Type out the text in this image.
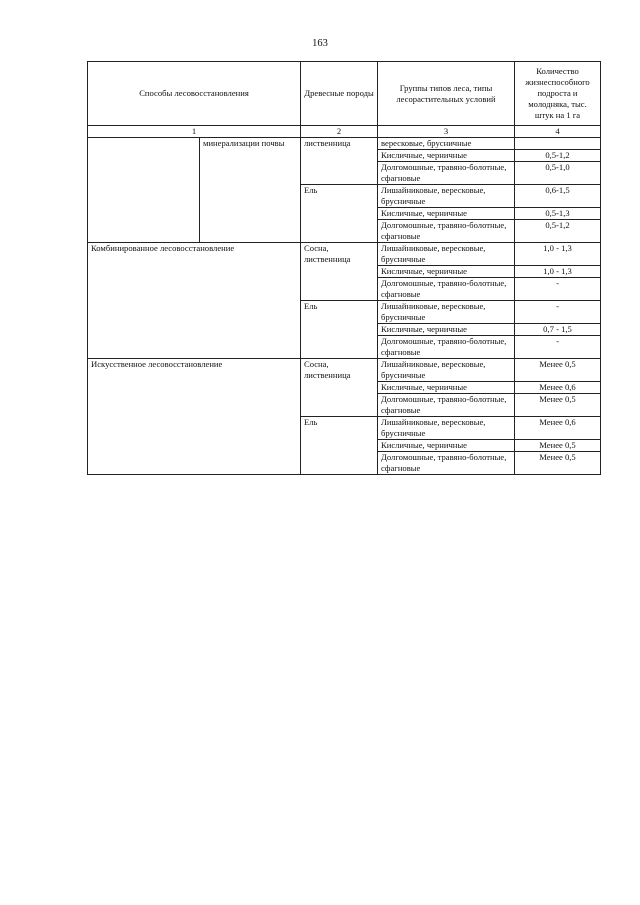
163
Способы лесовосстановления		Древесные породы	Группы типов леса, типы лесорастительных условий	Количество жизнеспособного подроста и молодняка, тыс. штук на 1 га
1		2	3	4
	минерализации почвы	лиственница	вересковые, брусничные	
			Кисличные, черничные	0,5-1,2
			Долгомошные, травяно-болотные, сфагновые	0,5-1,0
		Ель	Лишайниковые, вересковые, брусничные	0,6-1,5
			Кисличные, черничные	0,5-1,3
			Долгомошные, травяно-болотные, сфагновые	0,5-1,2
Комбинированное лесовосстановление		Сосна, лиственница	Лишайниковые, вересковые, брусничные	1,0 - 1,3
			Кисличные, черничные	1,0 - 1,3
			Долгомошные, травяно-болотные, сфагновые	-
		Ель	Лишайниковые, вересковые, брусничные	-
			Кисличные, черничные	0,7 - 1,5
			Долгомошные, травяно-болотные, сфагновые	-
Искусственное лесовосстановление		Сосна, лиственница	Лишайниковые, вересковые, брусничные	Менее 0,5
			Кисличные, черничные	Менее 0,6
			Долгомошные, травяно-болотные, сфагновые	Менее 0,5
		Ель	Лишайниковые, вересковые, брусничные	Менее 0,6
			Кисличные, черничные	Менее 0,5
			Долгомошные, травяно-болотные, сфагновые	Менее 0,5
